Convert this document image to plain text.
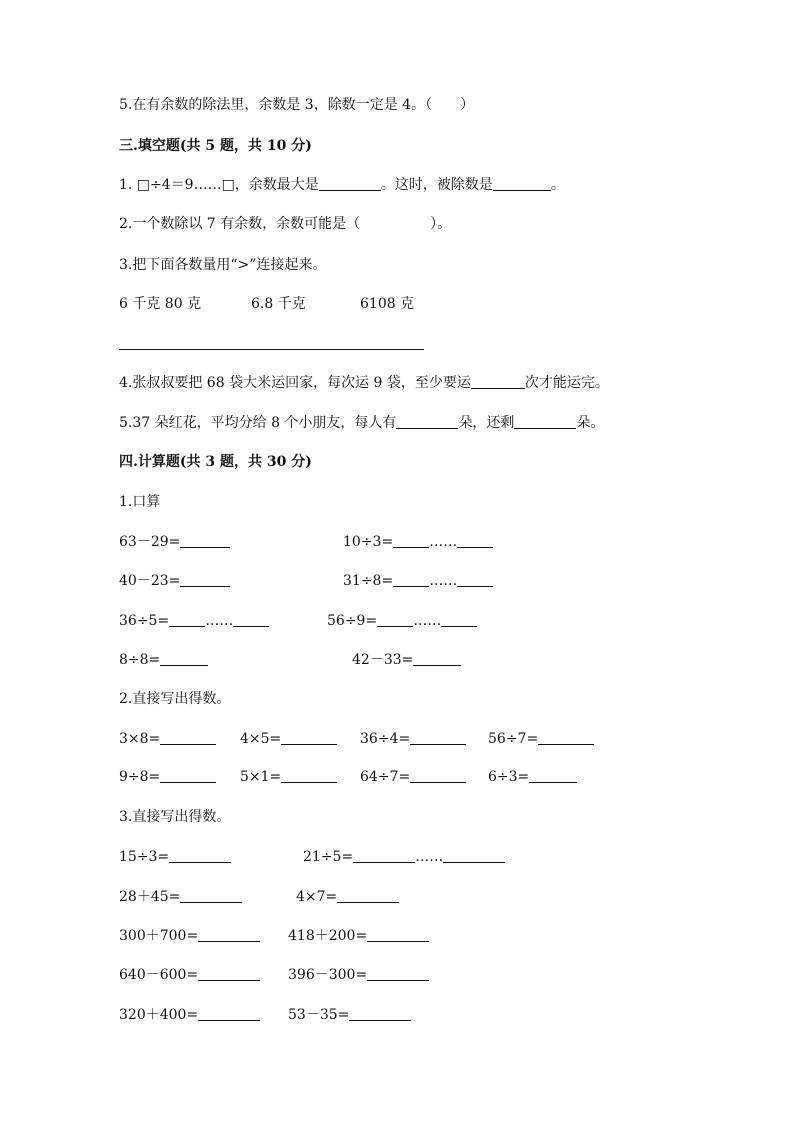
5.在有余数的除法里，余数是 3，除数一定是 4。（　　）
三.填空题(共 5 题，共 10 分)
1. □÷4＝9……□，余数最大是	。这时，被除数是	。
2.一个数除以 7 有余数，余数可能是（　　　　　）。
3.把下面各数量用“>”连接起来。
6 千克 80 克	6.8 千克	6108 克
4.张叔叔要把 68 袋大米运回家，每次运 9 袋，至少要运	次才能运完。
5.37 朵红花，平均分给 8 个小朋友，每人有	朵，还剩	朵。
四.计算题(共 3 题，共 30 分)
1.口算
63－29=	10÷3=	……
40－23=	31÷8=	……
36÷5=	……	56÷9=	……
8÷8=	42－33=
2.直接写出得数。
3×8=	4×5=	36÷4=	56÷7=
9÷8=	5×1=	64÷7=	6÷3=
3.直接写出得数。
15÷3=	21÷5=	……
28＋45=	4×7=
300＋700=	418＋200=
640－600=	396－300=
320＋400=	53－35=
